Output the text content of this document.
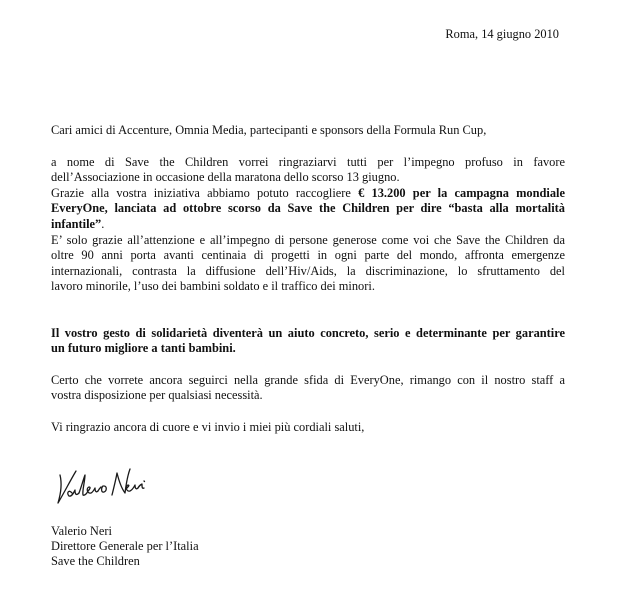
Roma, 14 giugno 2010
Cari amici di Accenture, Omnia Media, partecipanti e sponsors della Formula Run Cup,
a nome di Save the Children vorrei ringraziarvi tutti per l’impegno profuso in favore
dell’Associazione in occasione della maratona dello scorso 13 giugno.
Grazie alla vostra iniziativa abbiamo potuto raccogliere € 13.200 per la campagna mondiale
EveryOne, lanciata ad ottobre scorso da Save the Children per dire “basta alla mortalità
infantile”.
E’ solo grazie all’attenzione e all’impegno di persone generose come voi che Save the Children da
oltre 90 anni porta avanti centinaia di progetti in ogni parte del mondo, affronta emergenze
internazionali, contrasta la diffusione dell’Hiv/Aids, la discriminazione, lo sfruttamento del
lavoro minorile, l’uso dei bambini soldato e il traffico dei minori.
Il vostro gesto di solidarietà diventerà un aiuto concreto, serio e determinante per garantire
un futuro migliore a tanti bambini.
Certo che vorrete ancora seguirci nella grande sfida di EveryOne, rimango con il nostro staff a
vostra disposizione per qualsiasi necessità.
Vi ringrazio ancora di cuore e vi invio i miei più cordiali saluti,
Valerio Neri
Direttore Generale per l’Italia
Save the Children
